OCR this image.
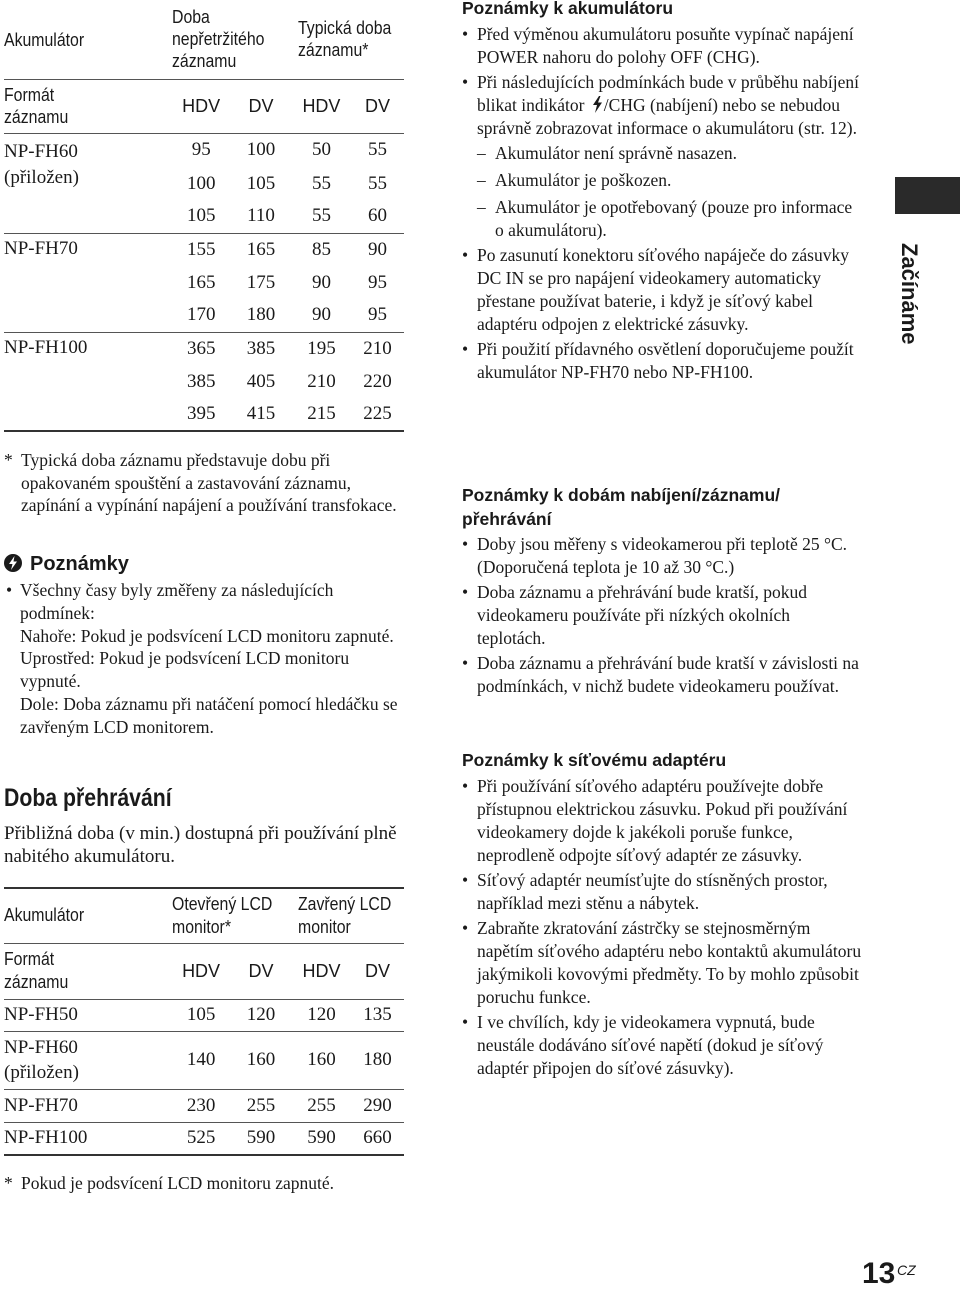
Akumulátor	Doba
nepřetržitého
záznamu		Typická doba
záznamu*	
Formát
záznamu	HDV	DV	HDV	DV
NP-FH60
(přiložen)	95	100	50	55
	100	105	55	55
	105	110	55	60
NP-FH70	155	165	85	90
	165	175	90	95
	170	180	90	95
NP-FH100	365	385	195	210
	385	405	210	220
	395	415	215	225
* Typická doba záznamu představuje dobu při opakovaném spouštění a zastavování záznamu, zapínání a vypínání napájení a používání transfokace.
Poznámky
• Všechny časy byly změřeny za následujících podmínek:
Nahoře: Pokud je podsvícení LCD monitoru zapnuté.
Uprostřed: Pokud je podsvícení LCD monitoru vypnuté.
Dole: Doba záznamu při natáčení pomocí hledáčku se zavřeným LCD monitorem.
Doba přehrávání
Přibližná doba (v min.) dostupná při používání plně nabitého akumulátoru.
Akumulátor	Otevřený LCD
monitor*		Zavřený LCD
monitor	
Formát
záznamu	HDV	DV	HDV	DV
NP-FH50	105	120	120	135
NP-FH60
(přiložen)	140	160	160	180
NP-FH70	230	255	255	290
NP-FH100	525	590	590	660
* Pokud je podsvícení LCD monitoru zapnuté.
Poznámky k akumulátoru
• Před výměnou akumulátoru posuňte vypínač napájení POWER nahoru do polohy OFF (CHG).
• Při následujících podmínkách bude v průběhu nabíjení blikat indikátor /CHG (nabíjení) nebo se nebudou správně zobrazovat informace o akumulátoru (str. 12).
– Akumulátor není správně nasazen.
– Akumulátor je poškozen.
– Akumulátor je opotřebovaný (pouze pro informace o akumulátoru).
• Po zasunutí konektoru síťového napáječe do zásuvky DC IN se pro napájení videokamery automaticky přestane používat baterie, i když je síťový kabel adaptéru odpojen z elektrické zásuvky.
• Při použití přídavného osvětlení doporučujeme použít akumulátor NP-FH70 nebo NP-FH100.
Poznámky k dobám nabíjení/záznamu/ přehrávání
• Doby jsou měřeny s videokamerou při teplotě 25 °C. (Doporučená teplota je 10 až 30 °C.)
• Doba záznamu a přehrávání bude kratší, pokud videokameru používáte při nízkých okolních teplotách.
• Doba záznamu a přehrávání bude kratší v závislosti na podmínkách, v nichž budete videokameru používat.
Poznámky k síťovému adaptéru
• Při používání síťového adaptéru používejte dobře přístupnou elektrickou zásuvku. Pokud při používání videokamery dojde k jakékoli poruše funkce, neprodleně odpojte síťový adaptér ze zásuvky.
• Síťový adaptér neumísťujte do stísněných prostor, například mezi stěnu a nábytek.
• Zabraňte zkratování zástrčky se stejnosměrným napětím síťového adaptéru nebo kontaktů akumulátoru jakýmikoli kovovými předměty. To by mohlo způsobit poruchu funkce.
• I ve chvílích, kdy je videokamera vypnutá, bude neustále dodáváno síťové napětí (dokud je síťový adaptér připojen do síťové zásuvky).
Začínáme
13 CZ
